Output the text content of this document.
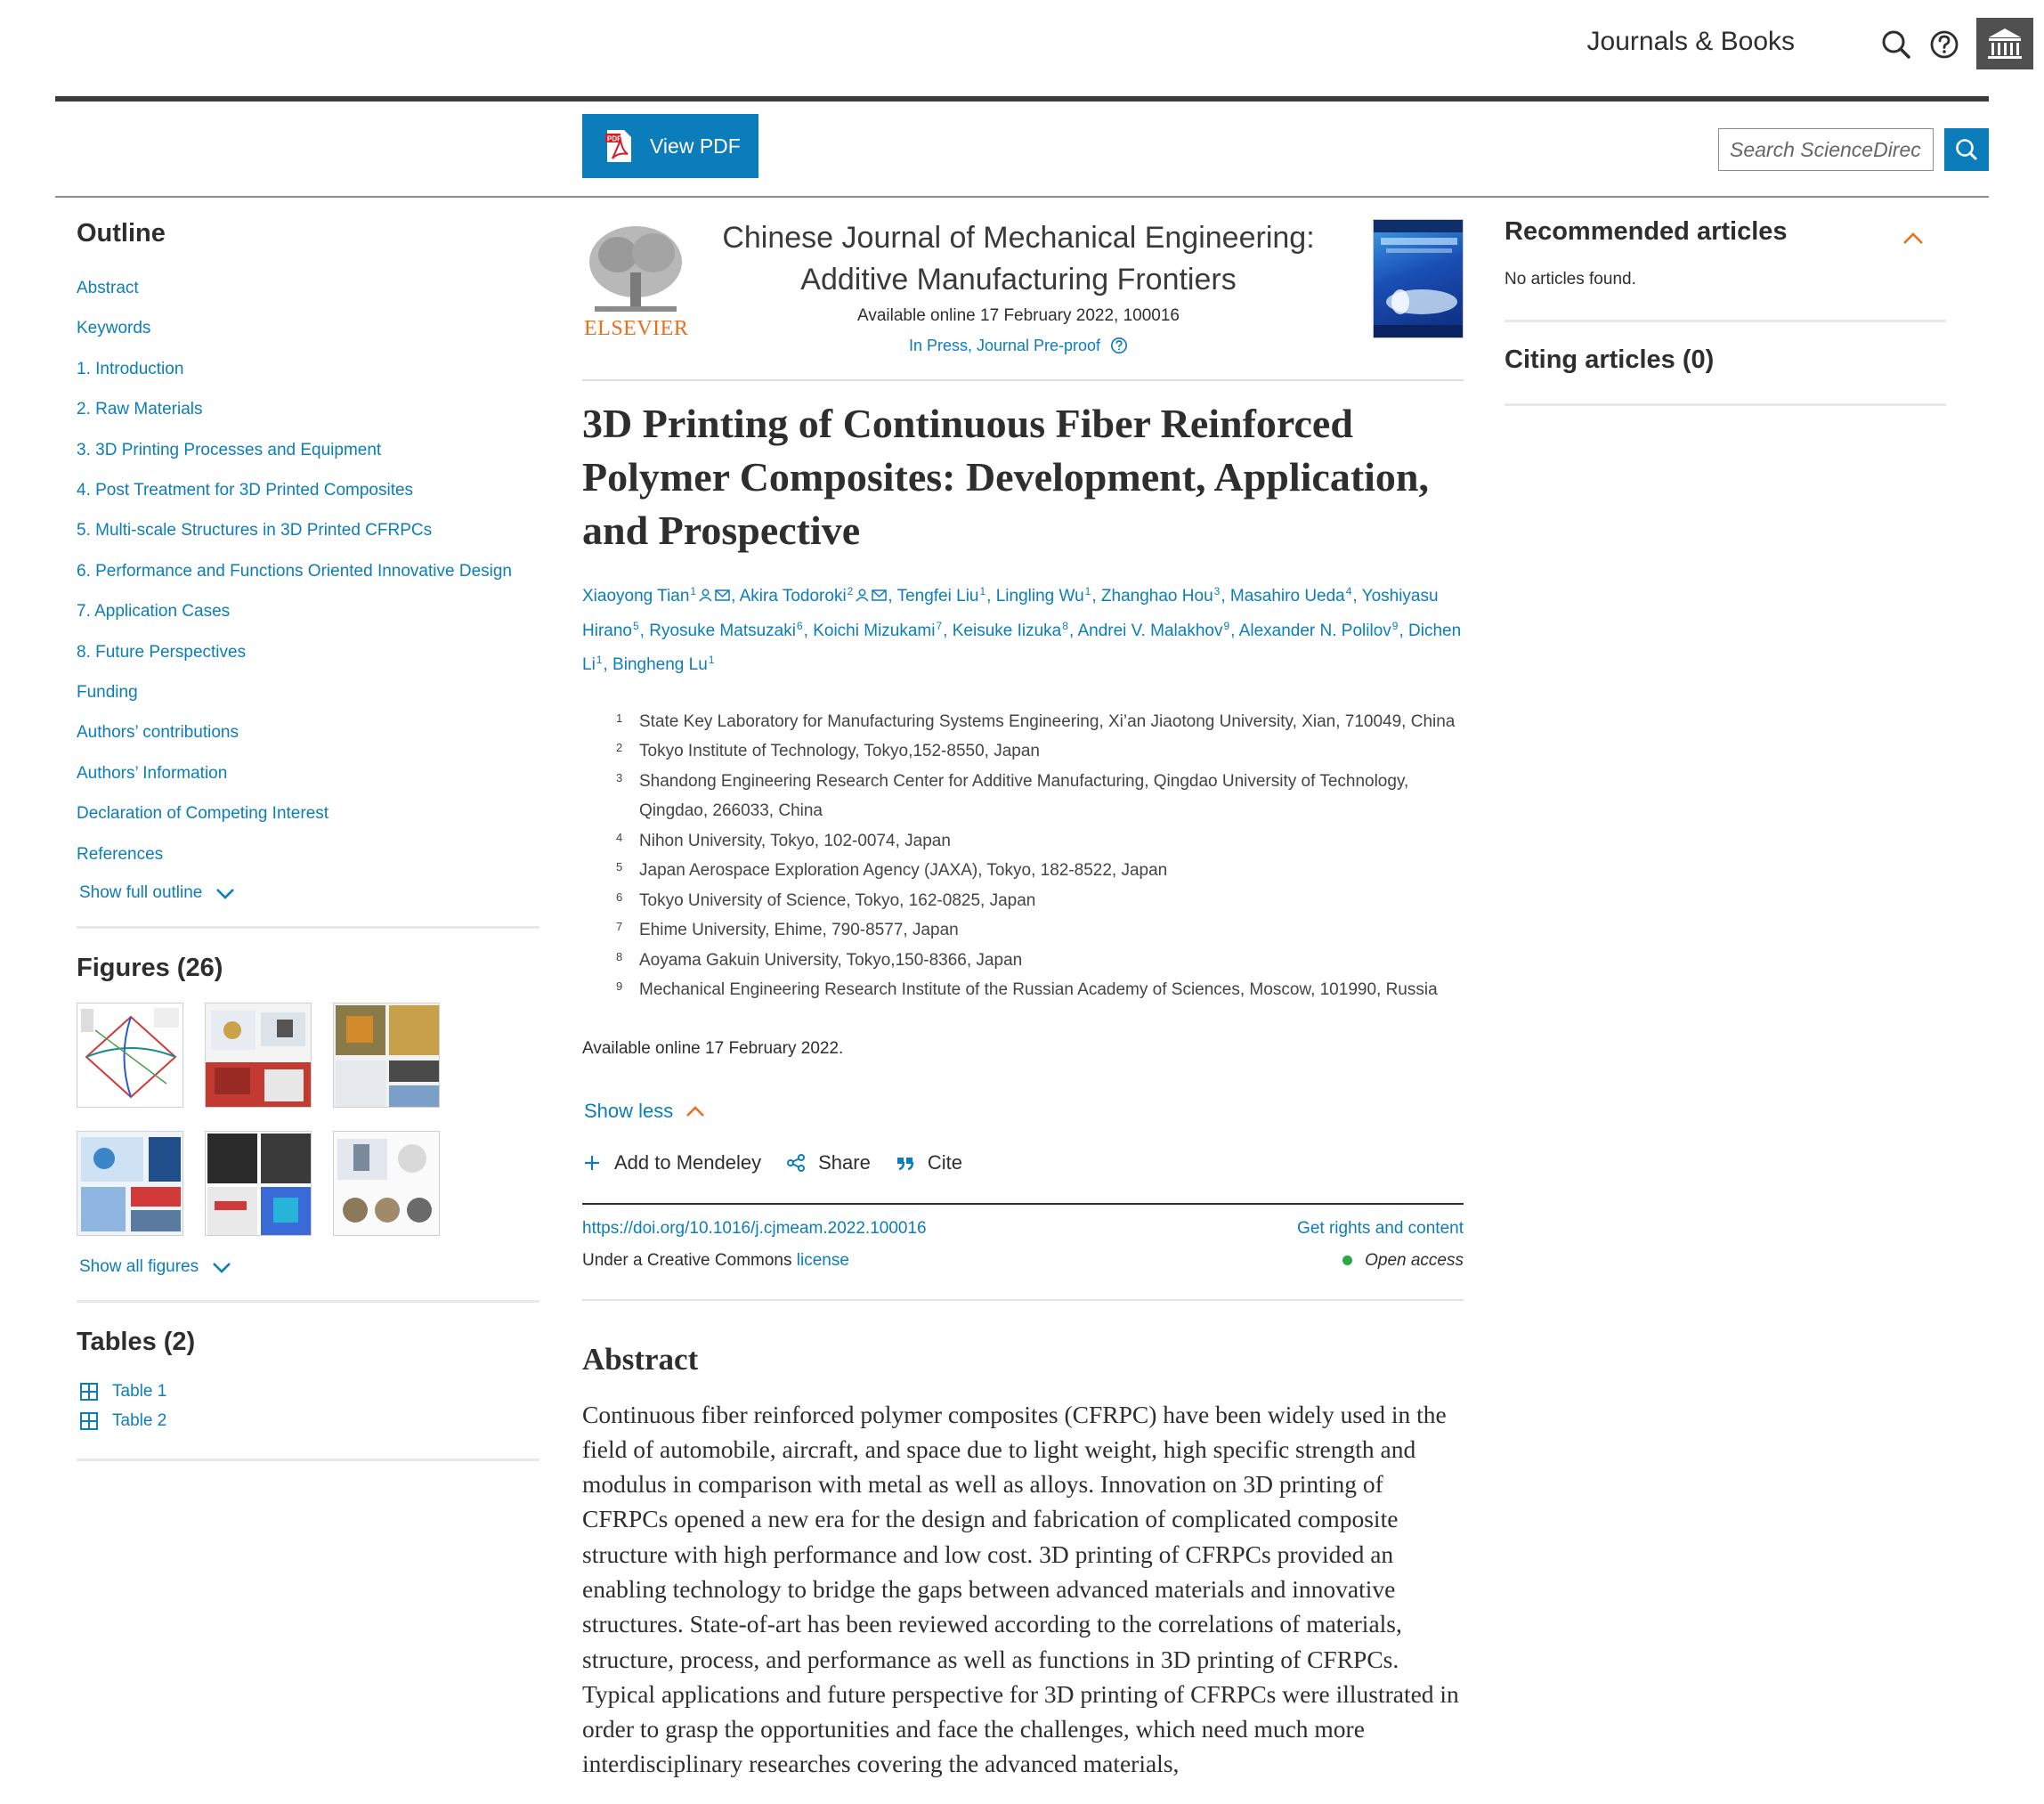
Journals & Books
PDF View PDF
Search ScienceDirect
Outline
Abstract
Keywords
1. Introduction
2. Raw Materials
3. 3D Printing Processes and Equipment
4. Post Treatment for 3D Printed Composites
5. Multi-scale Structures in 3D Printed CFRPCs
6. Performance and Functions Oriented Innovative Design
7. Application Cases
8. Future Perspectives
Funding
Authors’ contributions
Authors’ Information
Declaration of Competing Interest
References
Show full outline
Figures (26)
Show all figures
Tables (2)
Table 1
Table 2
ELSEVIER
Chinese Journal of Mechanical Engineering: Additive Manufacturing Frontiers
Available online 17 February 2022, 100016
In Press, Journal Pre-proof
3D Printing of Continuous Fiber Reinforced Polymer Composites: Development, Application, and Prospective
Xiaoyong Tian$^1$ , Akira Todoroki$^2$ , Tengfei Liu$^1$, Lingling Wu$^1$, Zhanghao Hou$^3$, Masahiro Ueda$^4$, Yoshiyasu Hirano$^5$, Ryosuke Matsuzaki$^6$, Koichi Mizukami$^7$, Keisuke Iizuka$^8$, Andrei V. Malakhov$^9$, Alexander N. Polilov$^9$, Dichen Li$^1$, Bingheng Lu$^1$
1 State Key Laboratory for Manufacturing Systems Engineering, Xi’an Jiaotong University, Xian, 710049, China
2 Tokyo Institute of Technology, Tokyo,152-8550, Japan
3 Shandong Engineering Research Center for Additive Manufacturing, Qingdao University of Technology, Qingdao, 266033, China
4 Nihon University, Tokyo, 102-0074, Japan
5 Japan Aerospace Exploration Agency (JAXA), Tokyo, 182-8522, Japan
6 Tokyo University of Science, Tokyo, 162-0825, Japan
7 Ehime University, Ehime, 790-8577, Japan
8 Aoyama Gakuin University, Tokyo,150-8366, Japan
9 Mechanical Engineering Research Institute of the Russian Academy of Sciences, Moscow, 101990, Russia
Available online 17 February 2022.
Show less
Add to Mendeley	Share	Cite
https://doi.org/10.1016/j.cjmeam.2022.100016	Get rights and content
Under a Creative Commons license	Open access
Abstract

Continuous fiber reinforced polymer composites (CFRPC) have been widely used in the field of automobile, aircraft, and space due to light weight, high specific strength and modulus in comparison with metal as well as alloys. Innovation on 3D printing of CFRPCs opened a new era for the design and fabrication of complicated composite structure with high performance and low cost. 3D printing of CFRPCs provided an enabling technology to bridge the gaps between advanced materials and innovative structures. State-of-art has been reviewed according to the correlations of materials, structure, process, and performance as well as functions in 3D printing of CFRPCs. Typical applications and future perspective for 3D printing of CFRPCs were illustrated in order to grasp the opportunities and face the challenges, which need much more interdisciplinary researches covering the advanced materials,

Recommended articles
No articles found.
Citing articles (0)
